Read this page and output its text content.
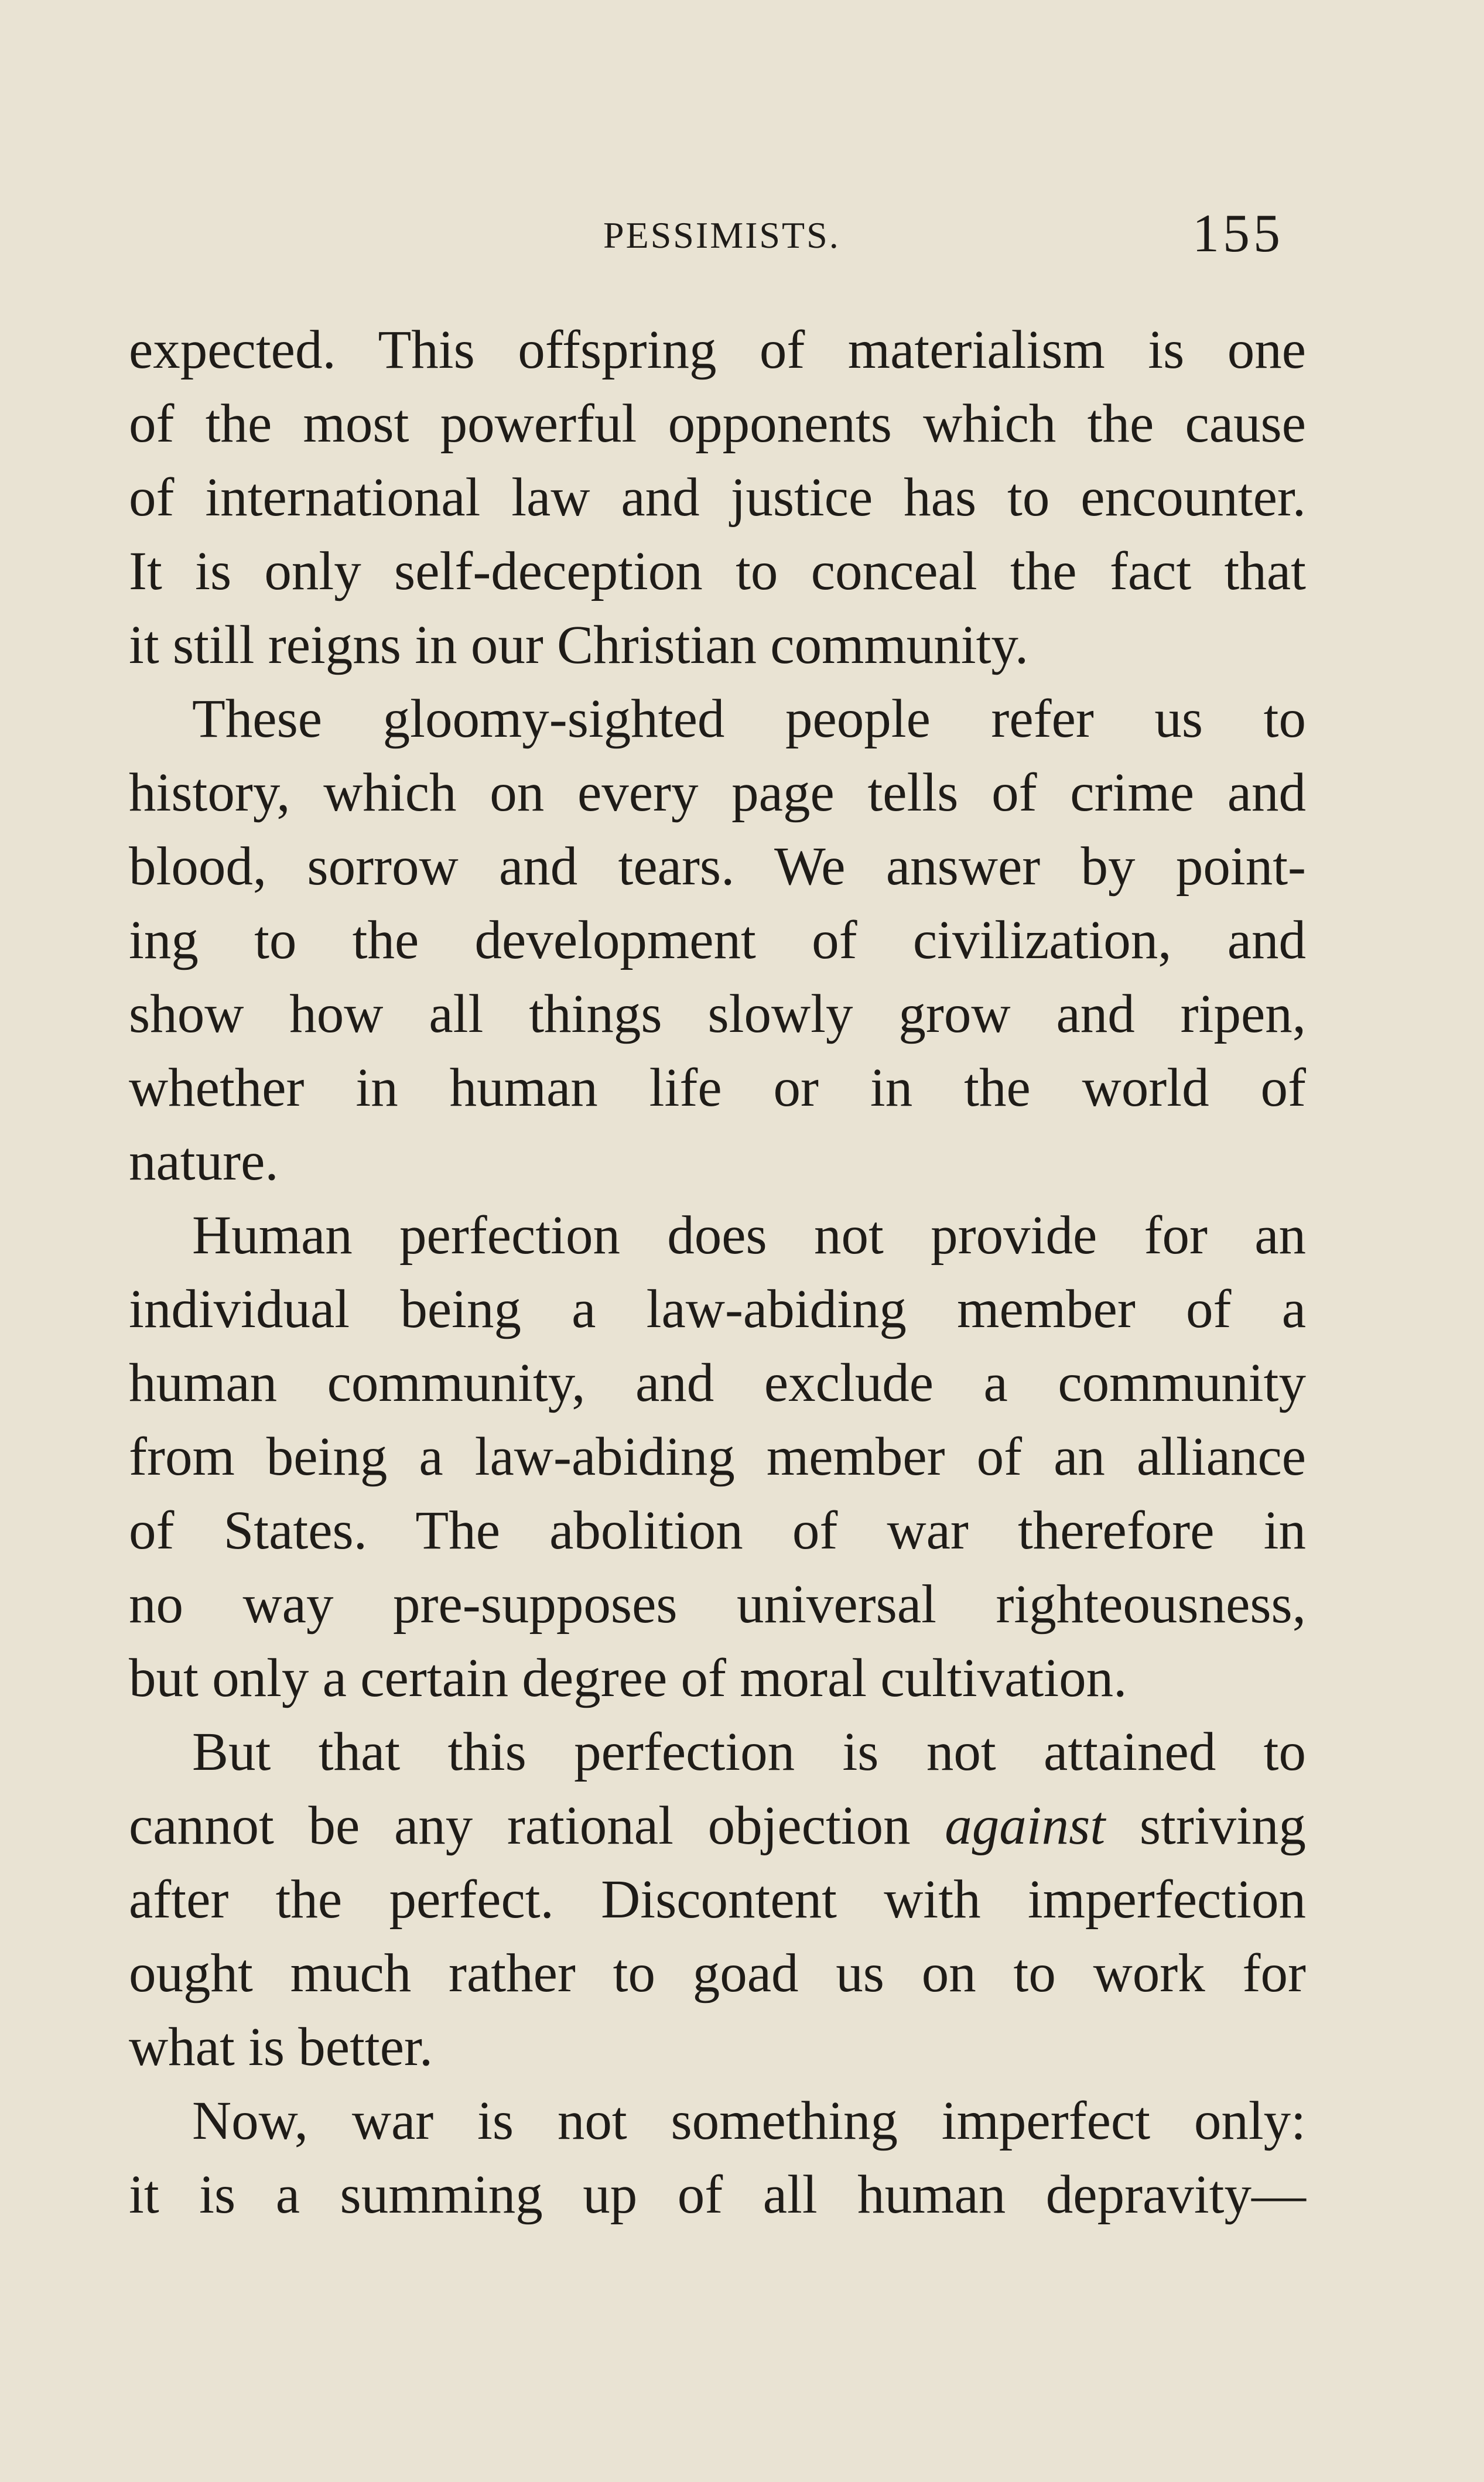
PESSIMISTS.	155
expected. This offspring of materialism is one
of the most powerful opponents which the cause
of international law and justice has to encounter.
It is only self-deception to conceal the fact that
it still reigns in our Christian community.
These gloomy-sighted people refer us to
history, which on every page tells of crime and
blood, sorrow and tears. We answer by point-
ing to the development of civilization, and
show how all things slowly grow and ripen,
whether in human life or in the world of
nature.
Human perfection does not provide for an
individual being a law-abiding member of a
human community, and exclude a community
from being a law-abiding member of an alliance
of States. The abolition of war therefore in
no way pre-supposes universal righteousness,
but only a certain degree of moral cultivation.
But that this perfection is not attained to
cannot be any rational objection against striving
after the perfect. Discontent with imperfection
ought much rather to goad us on to work for
what is better.
Now, war is not something imperfect only:
it is a summing up of all human depravity—
